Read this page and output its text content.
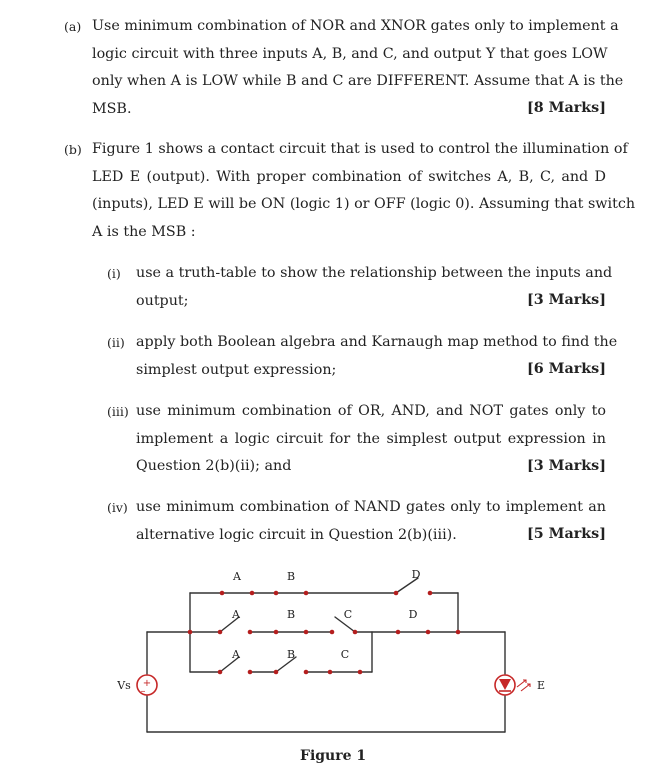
(a) Use minimum combination of NOR and XNOR gates only to implement a
logic circuit with three inputs A, B, and C, and output Y that goes LOW
only when A is LOW while B and C are DIFFERENT. Assume that A is the
MSB.	[8 Marks]
(b) Figure 1 shows a contact circuit that is used to control the illumination of
LED E (output). With proper combination of switches A, B, C, and D
(inputs), LED E will be ON (logic 1) or OFF (logic 0). Assuming that switch
A is the MSB :
(i) use a truth-table to show the relationship between the inputs and
output;	[3 Marks]
(ii) apply both Boolean algebra and Karnaugh map method to find the
simplest output expression;	[6 Marks]
(iii) use minimum combination of OR, AND, and NOT gates only to
implement a logic circuit for the simplest output expression in
Question 2(b)(ii); and	[3 Marks]
(iv) use minimum combination of NAND gates only to implement an
alternative logic circuit in Question 2(b)(iii).	[5 Marks]
+
–
A	B	D
A	B	C	D
A	B	C
Vs	E
Figure 1
